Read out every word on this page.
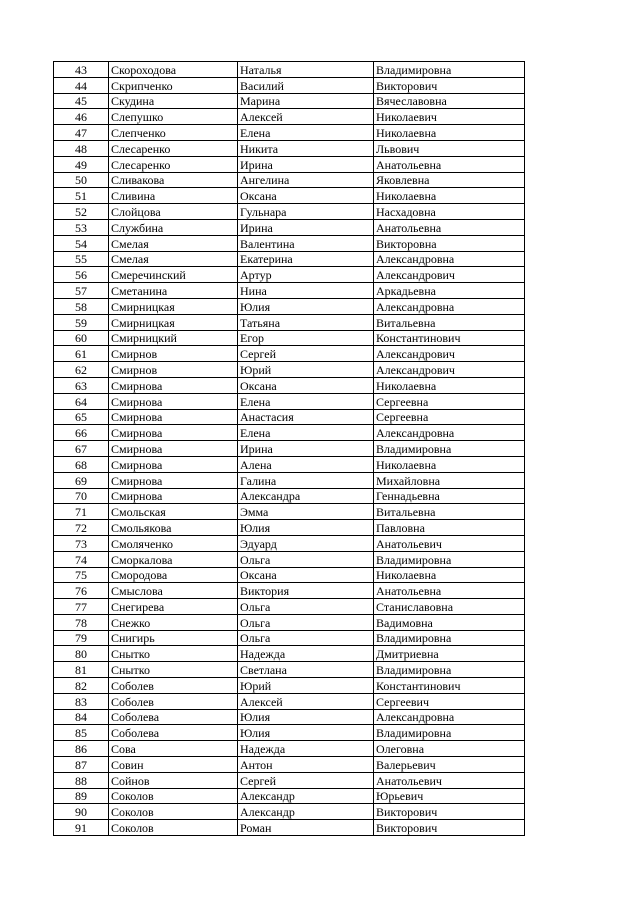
43	Скороходова	Наталья	Владимировна
44	Скрипченко	Василий	Викторович
45	Скудина	Марина	Вячеславовна
46	Слепушко	Алексей	Николаевич
47	Слепченко	Елена	Николаевна
48	Слесаренко	Никита	Львович
49	Слесаренко	Ирина	Анатольевна
50	Сливакова	Ангелина	Яковлевна
51	Сливина	Оксана	Николаевна
52	Слойцова	Гульнара	Насхадовна
53	Службина	Ирина	Анатольевна
54	Смелая	Валентина	Викторовна
55	Смелая	Екатерина	Александровна
56	Смеречинский	Артур	Александрович
57	Сметанина	Нина	Аркадьевна
58	Смирницкая	Юлия	Александровна
59	Смирницкая	Татьяна	Витальевна
60	Смирницкий	Егор	Константинович
61	Смирнов	Сергей	Александрович
62	Смирнов	Юрий	Александрович
63	Смирнова	Оксана	Николаевна
64	Смирнова	Елена	Сергеевна
65	Смирнова	Анастасия	Сергеевна
66	Смирнова	Елена	Александровна
67	Смирнова	Ирина	Владимировна
68	Смирнова	Алена	Николаевна
69	Смирнова	Галина	Михайловна
70	Смирнова	Александра	Геннадьевна
71	Смольская	Эмма	Витальевна
72	Смольякова	Юлия	Павловна
73	Смоляченко	Эдуард	Анатольевич
74	Сморкалова	Ольга	Владимировна
75	Смородова	Оксана	Николаевна
76	Смыслова	Виктория	Анатольевна
77	Снегирева	Ольга	Станиславовна
78	Снежко	Ольга	Вадимовна
79	Снигирь	Ольга	Владимировна
80	Снытко	Надежда	Дмитриевна
81	Снытко	Светлана	Владимировна
82	Соболев	Юрий	Константинович
83	Соболев	Алексей	Сергеевич
84	Соболева	Юлия	Александровна
85	Соболева	Юлия	Владимировна
86	Сова	Надежда	Олеговна
87	Совин	Антон	Валерьевич
88	Сойнов	Сергей	Анатольевич
89	Соколов	Александр	Юрьевич
90	Соколов	Александр	Викторович
91	Соколов	Роман	Викторович
